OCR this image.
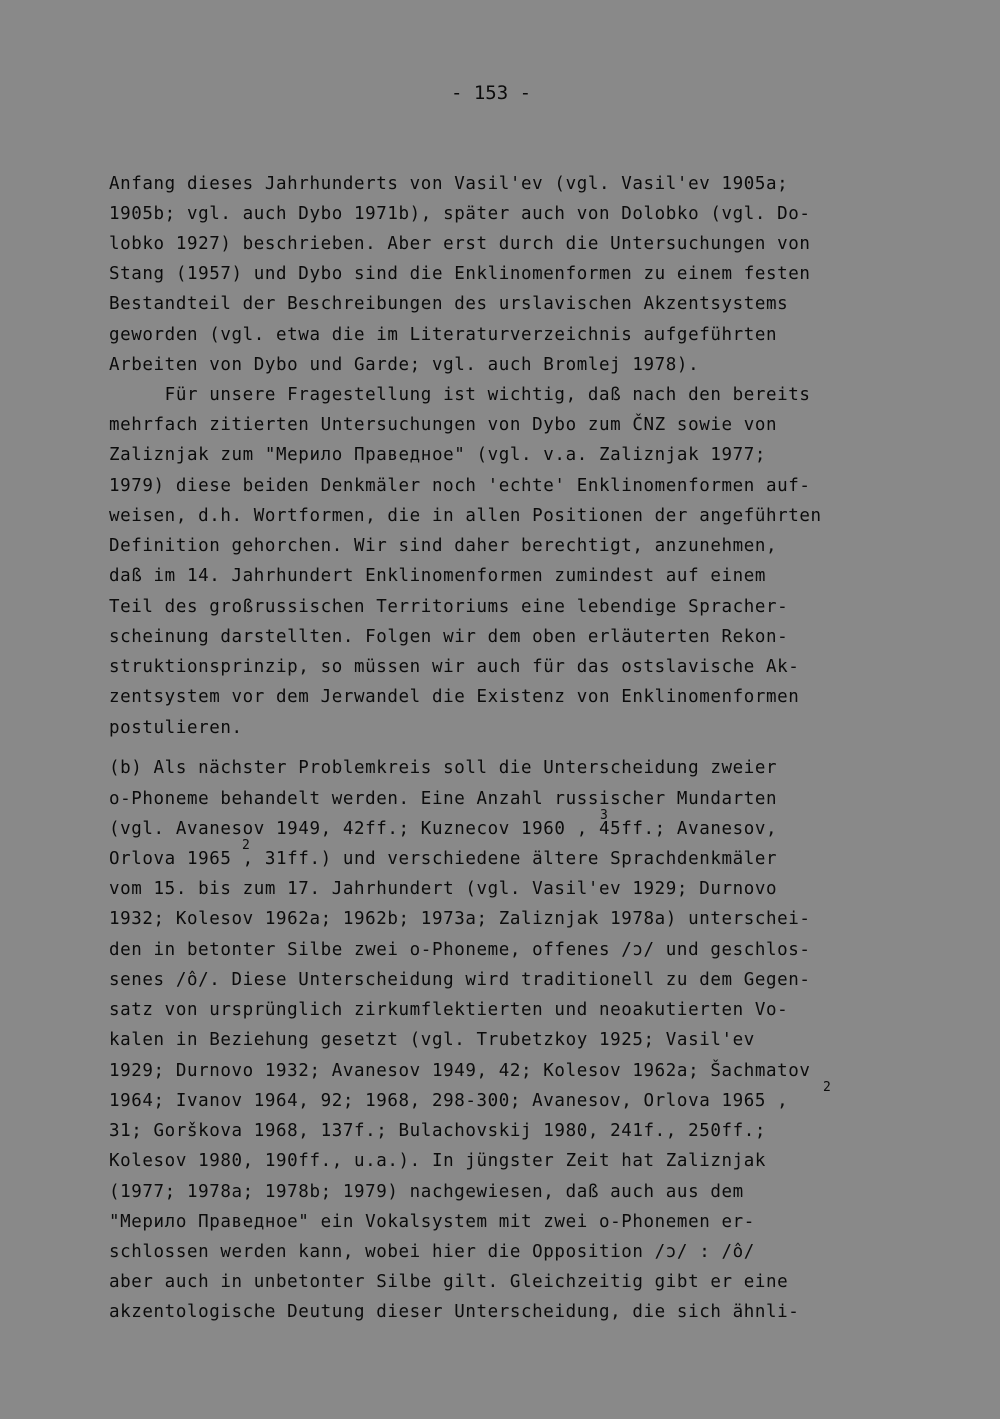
- 153 -
Anfang dieses Jahrhunderts von Vasil'ev (vgl. Vasil'ev 1905a;
1905b; vgl. auch Dybo 1971b), später auch von Dolobko (vgl. Do-
lobko 1927) beschrieben. Aber erst durch die Untersuchungen von
Stang (1957) und Dybo sind die Enklinomenformen zu einem festen
Bestandteil der Beschreibungen des urslavischen Akzentsystems
geworden (vgl. etwa die im Literaturverzeichnis aufgeführten
Arbeiten von Dybo und Garde; vgl. auch Bromlej 1978).
Für unsere Fragestellung ist wichtig, daß nach den bereits
mehrfach zitierten Untersuchungen von Dybo zum ČNZ sowie von
Zaliznjak zum "Мерило Праведное" (vgl. v.a. Zaliznjak 1977;
1979) diese beiden Denkmäler noch 'echte' Enklinomenformen auf-
weisen, d.h. Wortformen, die in allen Positionen der angeführten
Definition gehorchen. Wir sind daher berechtigt, anzunehmen,
daß im 14. Jahrhundert Enklinomenformen zumindest auf einem
Teil des großrussischen Territoriums eine lebendige Spracher-
scheinung darstellten. Folgen wir dem oben erläuterten Rekon-
struktionsprinzip, so müssen wir auch für das ostslavische Ak-
zentsystem vor dem Jerwandel die Existenz von Enklinomenformen
postulieren.
(b) Als nächster Problemkreis soll die Unterscheidung zweier
o-Phoneme behandelt werden. Eine Anzahl russischer Mundarten
(vgl. Avanesov 1949, 42ff.; Kuznecov 1960 , 45ff.; Avanesov,
Orlova 1965 , 31ff.) und verschiedene ältere Sprachdenkmäler
vom 15. bis zum 17. Jahrhundert (vgl. Vasil'ev 1929; Durnovo
1932; Kolesov 1962a; 1962b; 1973a; Zaliznjak 1978a) unterschei-
den in betonter Silbe zwei o-Phoneme, offenes /ɔ/ und geschlos-
senes /ô/. Diese Unterscheidung wird traditionell zu dem Gegen-
satz von ursprünglich zirkumflektierten und neoakutierten Vo-
kalen in Beziehung gesetzt (vgl. Trubetzkoy 1925; Vasil'ev
1929; Durnovo 1932; Avanesov 1949, 42; Kolesov 1962a; Šachmatov
1964; Ivanov 1964, 92; 1968, 298-300; Avanesov, Orlova 1965 ,
31; Gorškova 1968, 137f.; Bulachovskij 1980, 241f., 250ff.;
Kolesov 1980, 190ff., u.a.). In jüngster Zeit hat Zaliznjak
(1977; 1978a; 1978b; 1979) nachgewiesen, daß auch aus dem
"Мерило Праведное" ein Vokalsystem mit zwei o-Phonemen er-
schlossen werden kann, wobei hier die Opposition /ɔ/ : /ô/
aber auch in unbetonter Silbe gilt. Gleichzeitig gibt er eine
akzentologische Deutung dieser Unterscheidung, die sich ähnli-
3
2
2
